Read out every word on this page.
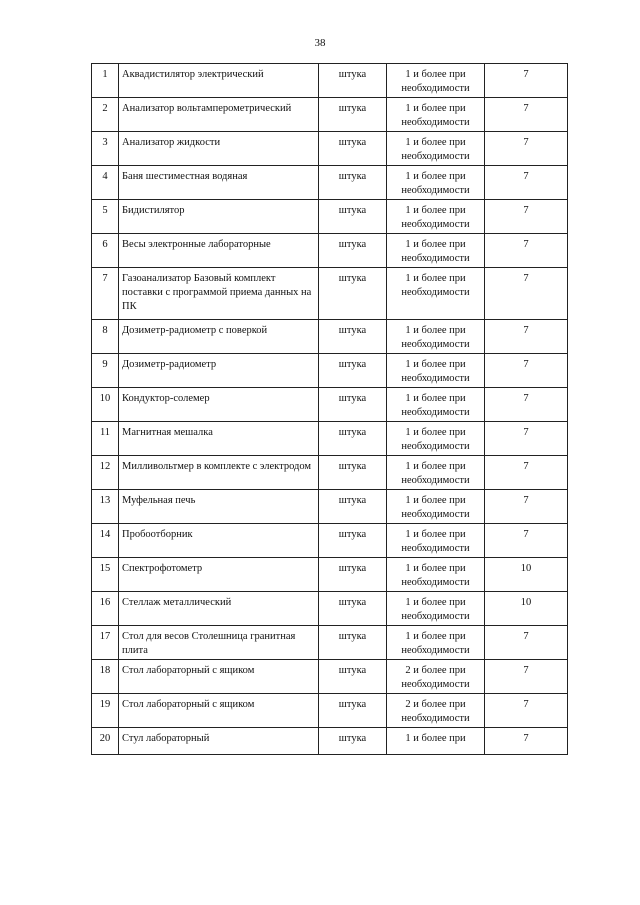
38
1	Аквадистилятор электрический	штука	1 и более при необходимости	7
2	Анализатор вольтамперометрический	штука	1 и более при необходимости	7
3	Анализатор жидкости	штука	1 и более при необходимости	7
4	Баня шестиместная водяная	штука	1 и более при необходимости	7
5	Бидистилятор	штука	1 и более при необходимости	7
6	Весы электронные лабораторные	штука	1 и более при необходимости	7
7	Газоанализатор Базовый комплект поставки с программой приема данных на ПК	штука	1 и более при необходимости	7
8	Дозиметр-радиометр с поверкой	штука	1 и более при необходимости	7
9	Дозиметр-радиометр	штука	1 и более при необходимости	7
10	Кондуктор-солемер	штука	1 и более при необходимости	7
11	Магнитная мешалка	штука	1 и более при необходимости	7
12	Милливольтмер в комплекте с электродом	штука	1 и более при необходимости	7
13	Муфельная печь	штука	1 и более при необходимости	7
14	Пробоотборник	штука	1 и более при необходимости	7
15	Спектрофотометр	штука	1 и более при необходимости	10
16	Стеллаж металлический	штука	1 и более при необходимости	10
17	Стол для весов Столешница гранитная плита	штука	1 и более при необходимости	7
18	Стол лабораторный с ящиком	штука	2 и более при необходимости	7
19	Стол лабораторный с ящиком	штука	2 и более при необходимости	7
20	Стул лабораторный	штука	1 и более при	7
